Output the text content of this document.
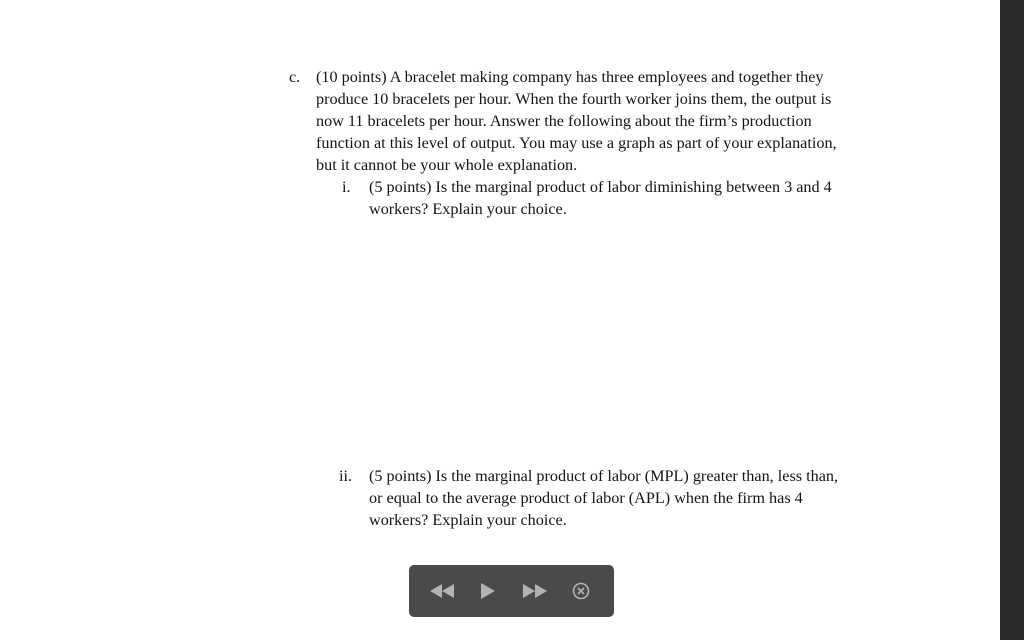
c. (10 points) A bracelet making company has three employees and together they
produce 10 bracelets per hour. When the fourth worker joins them, the output is
now 11 bracelets per hour. Answer the following about the firm’s production
function at this level of output. You may use a graph as part of your explanation,
but it cannot be your whole explanation.
i. (5 points) Is the marginal product of labor diminishing between 3 and 4
workers? Explain your choice.
ii. (5 points) Is the marginal product of labor (MPL) greater than, less than,
or equal to the average product of labor (APL) when the firm has 4
workers? Explain your choice.
